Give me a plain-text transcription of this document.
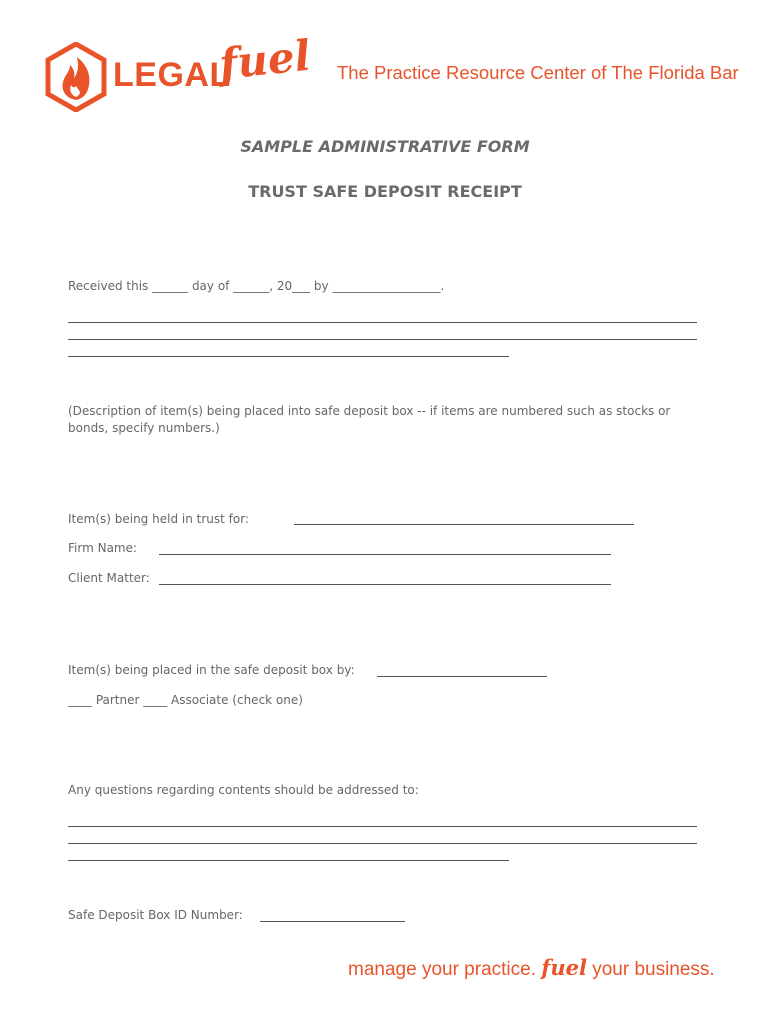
LEGAL
fuel The Practice Resource Center of The Florida Bar
SAMPLE ADMINISTRATIVE FORM
TRUST SAFE DEPOSIT RECEIPT
Received this ______ day of ______, 20___ by __________________.
(Description of item(s) being placed into safe deposit box -- if items are numbered such as stocks or
bonds, specify numbers.)
Item(s) being held in trust for:
Firm Name:
Client Matter:
Item(s) being placed in the safe deposit box by:
____ Partner ____ Associate (check one)
Any questions regarding contents should be addressed to:
Safe Deposit Box ID Number:
manage your practice. fuel your business.
